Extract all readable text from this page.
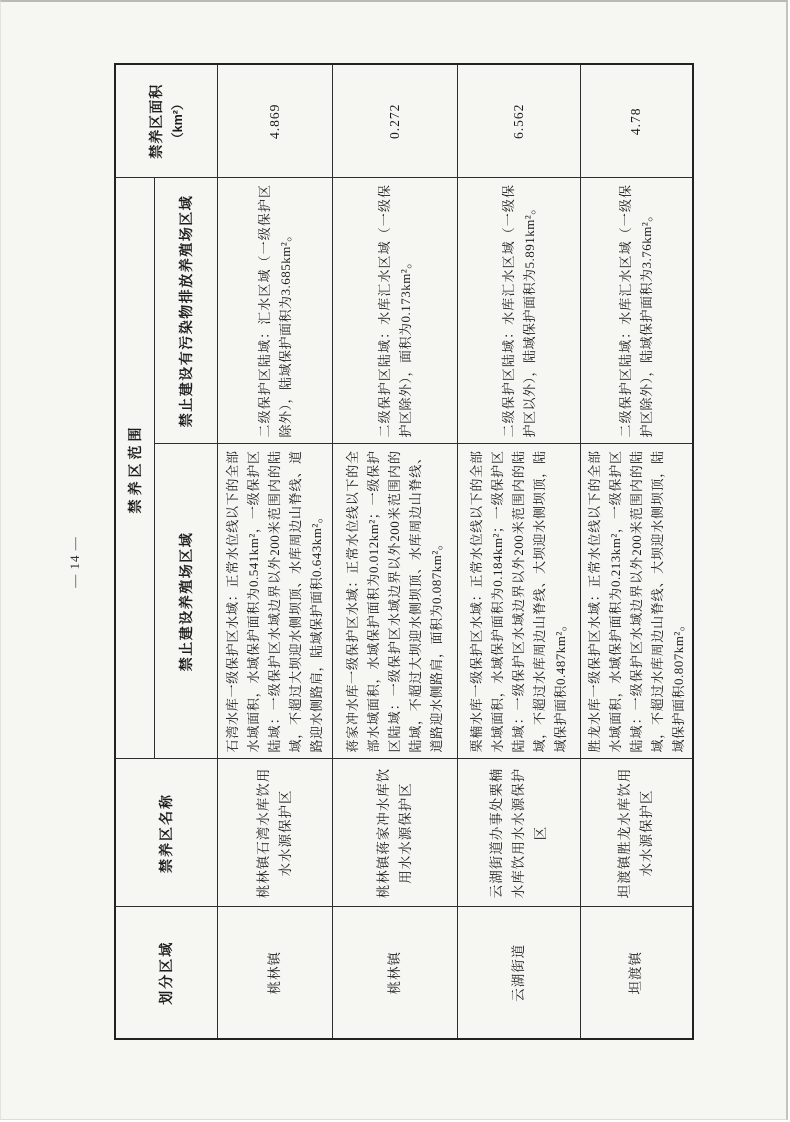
— 14 —
划分区域	禁养区名称	禁养区范围		禁养区面积 （km²）

		禁止建设养殖场区域	禁止建设有污染物排放养殖场区域	
桃林镇	桃林镇石湾水库饮用水水源保护区	石湾水库一级保护区水域：正常水位线以下的全部水域面积，水域保护面积为0.541km²，一级保护区陆域：一级保护区水域边界以外200米范围内的陆域，不超过大坝迎水侧坝顶、水库周边山脊线、道路迎水侧路肩，陆域保护面积0.643km²。	二级保护区陆域：汇水区域（一级保护区除外），陆域保护面积为3.685km²。	4.869
桃林镇	桃林镇蒋家冲水库饮用水水源保护区	蒋家冲水库一级保护区水域：正常水位线以下的全部水域面积，水域保护面积为0.012km²；一级保护区陆域：一级保护区水域边界以外200米范围内的陆域，不超过大坝迎水侧坝顶、水库周边山脊线、道路迎水侧路肩，面积为0.087km²。	二级保护区陆域：水库汇水区域（一级保护区除外），面积为0.173km²。	0.272
云湖街道	云湖街道办事处栗楠水库饮用水水源保护区	栗楠水库一级保护区水域：正常水位线以下的全部水域面积，水域保护面积为0.184km²；一级保护区陆域：一级保护区水域边界以外200米范围内的陆域，不超过水库周边山脊线、大坝迎水侧坝顶，陆域保护面积0.487km²。	二级保护区陆域：水库汇水区域（一级保护区以外），陆域保护面积为5.891km²。	6.562
坦渡镇	坦渡镇胜龙水库饮用水水源保护区	胜龙水库一级保护区水域：正常水位线以下的全部水域面积，水域保护面积为0.213km²，一级保护区陆域：一级保护区水域边界以外200米范围内的陆域，不超过水库周边山脊线、大坝迎水侧坝顶，陆域保护面积0.807km²。	二级保护区陆域：水库汇水区域（一级保护区除外），陆域保护面积为3.76km²。	4.78
